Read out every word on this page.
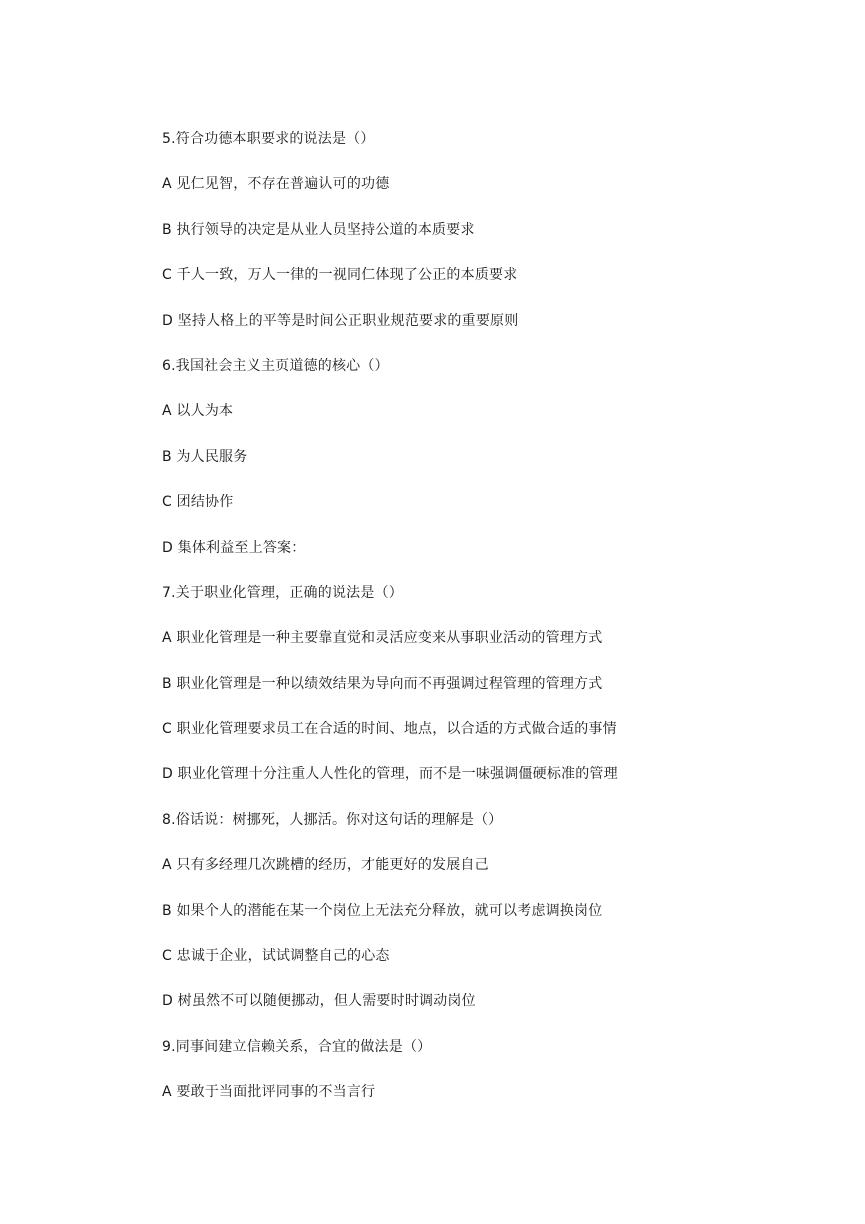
5.符合功德本职要求的说法是（）
A 见仁见智，不存在普遍认可的功德
B 执行领导的决定是从业人员坚持公道的本质要求
C 千人一致，万人一律的一视同仁体现了公正的本质要求
D 坚持人格上的平等是时间公正职业规范要求的重要原则
6.我国社会主义主页道德的核心（）
A 以人为本
B 为人民服务
C 团结协作
D 集体利益至上答案：
7.关于职业化管理，正确的说法是（）
A 职业化管理是一种主要靠直觉和灵活应变来从事职业活动的管理方式
B 职业化管理是一种以绩效结果为导向而不再强调过程管理的管理方式
C 职业化管理要求员工在合适的时间、地点，以合适的方式做合适的事情
D 职业化管理十分注重人人性化的管理，而不是一味强调僵硬标准的管理
8.俗话说：树挪死，人挪活。你对这句话的理解是（）
A 只有多经理几次跳槽的经历，才能更好的发展自己
B 如果个人的潜能在某一个岗位上无法充分释放，就可以考虑调换岗位
C 忠诚于企业，试试调整自己的心态
D 树虽然不可以随便挪动，但人需要时时调动岗位
9.同事间建立信赖关系，合宜的做法是（）
A 要敢于当面批评同事的不当言行
